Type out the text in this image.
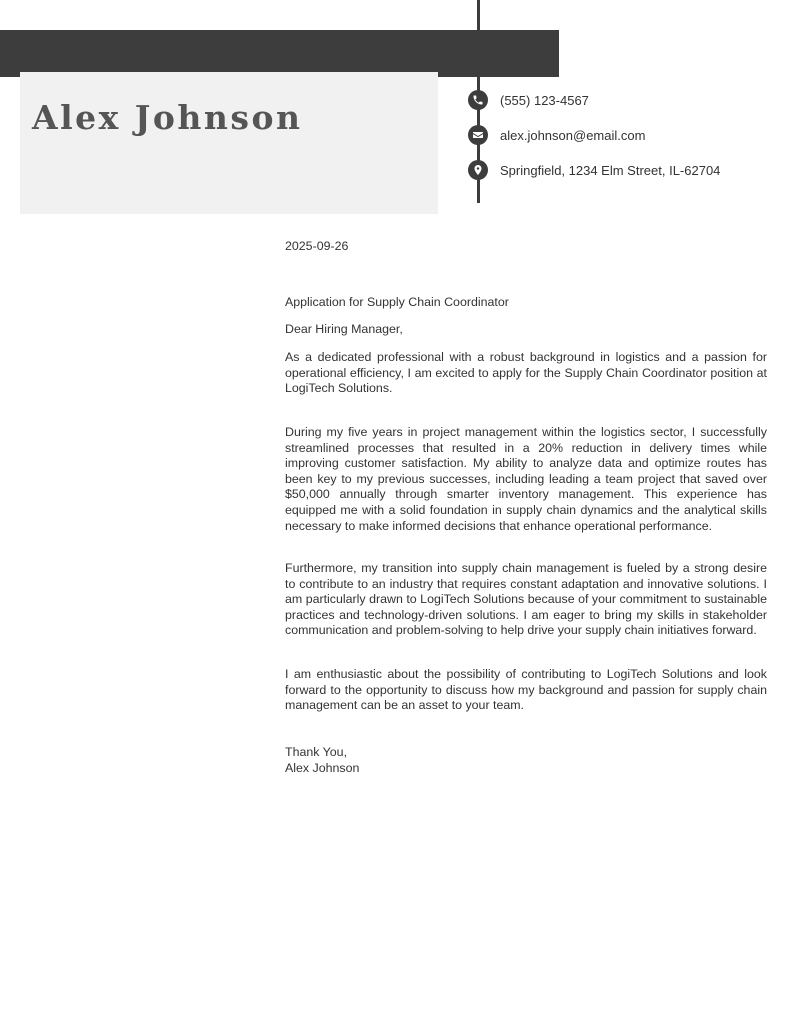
Alex Johnson	(555) 123-4567
alex.johnson@email.com
Springfield, 1234 Elm Street, IL-62704
2025-09-26
Application for Supply Chain Coordinator
Dear Hiring Manager,

As a dedicated professional with a robust background in logistics and a passion for operational efficiency, I am excited to apply for the Supply Chain Coordinator position at LogiTech Solutions.

During my five years in project management within the logistics sector, I successfully streamlined processes that resulted in a 20% reduction in delivery times while improving customer satisfaction. My ability to analyze data and optimize routes has been key to my previous successes, including leading a team project that saved over $50,000 annually through smarter inventory management. This experience has equipped me with a solid foundation in supply chain dynamics and the analytical skills necessary to make informed decisions that enhance operational performance.

Furthermore, my transition into supply chain management is fueled by a strong desire to contribute to an industry that requires constant adaptation and innovative solutions. I am particularly drawn to LogiTech Solutions because of your commitment to sustainable practices and technology-driven solutions. I am eager to bring my skills in stakeholder communication and problem-solving to help drive your supply chain initiatives forward.

I am enthusiastic about the possibility of contributing to LogiTech Solutions and look forward to the opportunity to discuss how my background and passion for supply chain management can be an asset to your team.

Thank You,
Alex Johnson
